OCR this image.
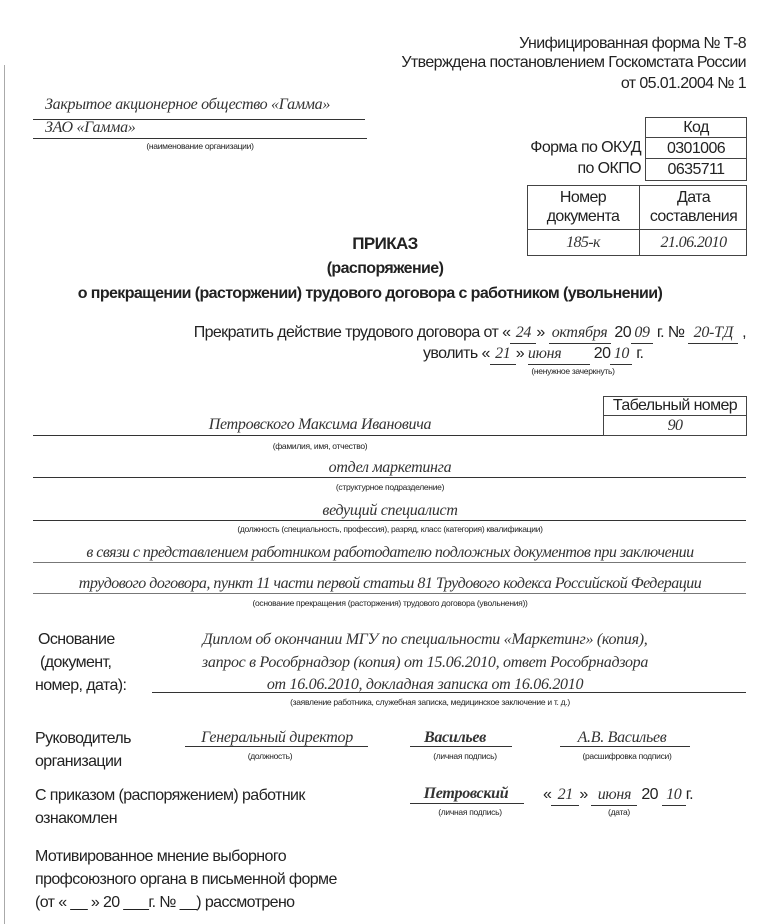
Унифицированная форма № Т-8
Утверждена постановлением Госкомстата России
от 05.01.2004 № 1
Закрытое акционерное общество «Гамма»
ЗАО «Гамма»
(наименование организации)
Код
0301006
0635711
Форма по ОКУД
по ОКПО
Номер документа
Дата составления
185-к	21.06.2010
ПРИКАЗ
(распоряжение)
о прекращении (расторжении) трудового договора с работником (увольнении)
Прекратить действие трудового договора от « 24 » октября 20 09 г. № 20-ТД ,
уволить « 21 » июня 20 10 г.
(ненужное зачеркнуть)
Табельный номер
90
Петровского Максима Ивановича
(фамилия, имя, отчество)
отдел маркетинга
(структурное подразделение)
ведущий специалист
(должность (специальность, профессия), разряд, класс (категория) квалификации)
в связи с представлением работником работодателю подложных документов при заключении
трудового договора, пункт 11 части первой статьи 81 Трудового кодекса Российской Федерации
(основание прекращения (расторжения) трудового договора (увольнения))
Основание
(документ,
номер, дата):
Диплом об окончании МГУ по специальности «Маркетинг» (копия),
запрос в Рособрнадзор (копия) от 15.06.2010, ответ Рособрнадзора
от 16.06.2010, докладная записка от 16.06.2010
(заявление работника, служебная записка, медицинское заключение и т. д.)
Руководитель
организации
Генеральный директор
(должность)
Васильев
(личная подпись)
А.В. Васильев
(расшифровка подписи)
С приказом (распоряжением) работник
ознакомлен
Петровский
(личная подпись)
« 21 » июня 20 10 г.
(дата)
Мотивированное мнение выборного
профсоюзного органа в письменной форме
(от « __ » 20 ___г. № __) рассмотрено
